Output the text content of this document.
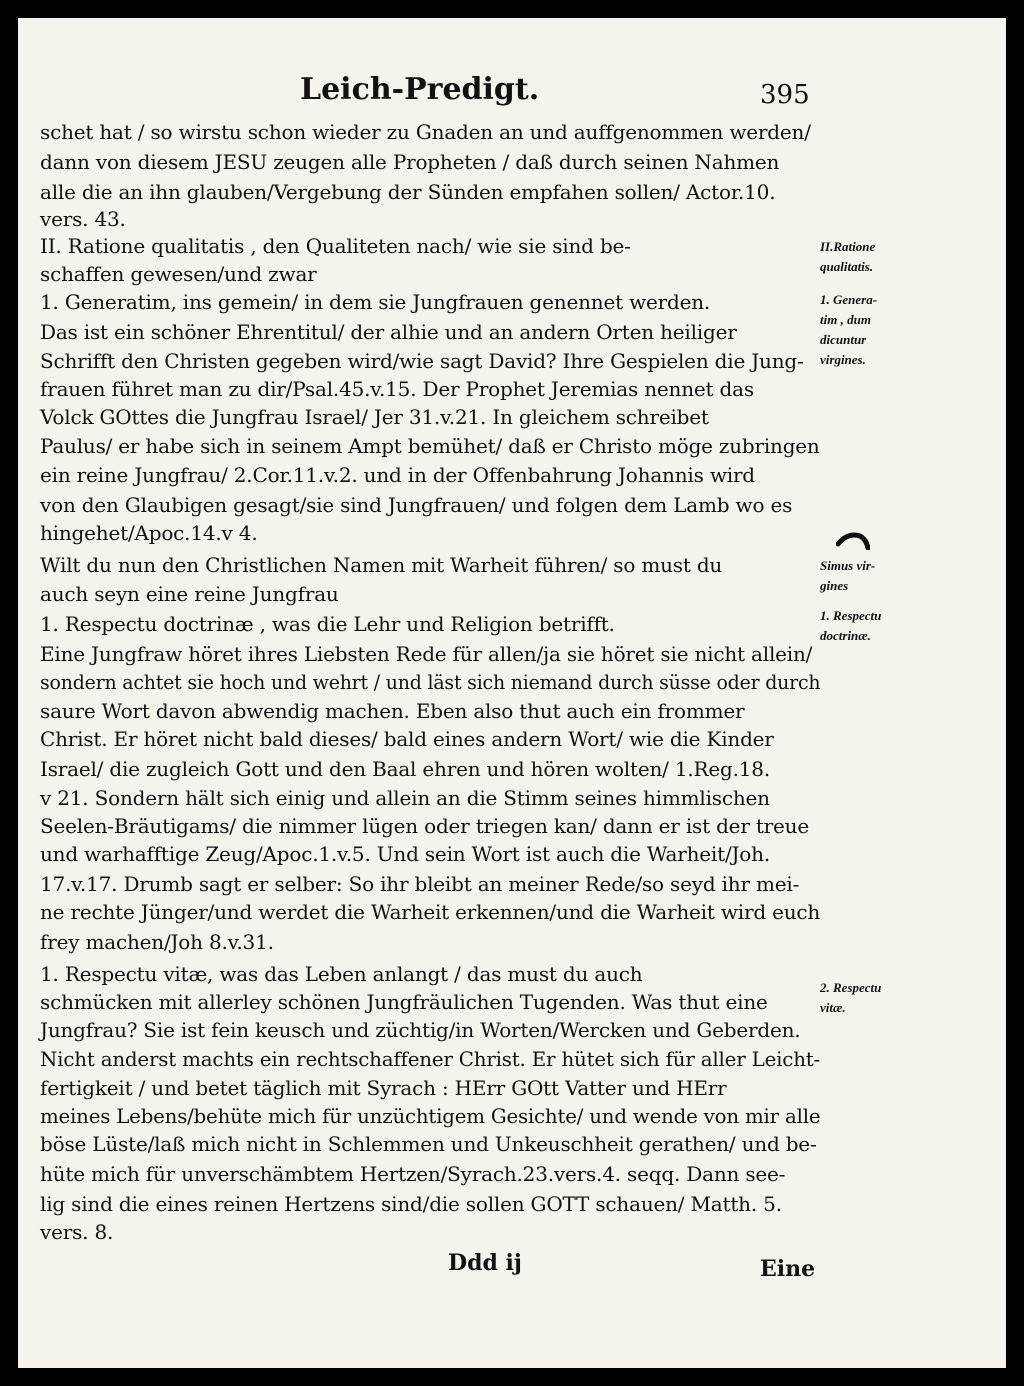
Leich-Predigt.	395
schet hat / so wirstu schon wieder zu Gnaden an und auffgenommen werden/
dann von diesem JESU zeugen alle Propheten / daß durch seinen Nahmen
alle die an ihn glauben/Vergebung der Sünden empfahen sollen/ Actor.10.
vers. 43.
II. Ratione qualitatis , den Qualiteten nach/ wie sie sind be-
schaffen gewesen/und zwar
1. Generatim, ins gemein/ in dem sie Jungfrauen genennet werden.
Das ist ein schöner Ehrentitul/ der alhie und an andern Orten heiliger
Schrifft den Christen gegeben wird/wie sagt David? Ihre Gespielen die Jung-
frauen führet man zu dir/Psal.45.v.15. Der Prophet Jeremias nennet das
Volck GOttes die Jungfrau Israel/ Jer 31.v.21. In gleichem schreibet
Paulus/ er habe sich in seinem Ampt bemühet/ daß er Christo möge zubringen
ein reine Jungfrau/ 2.Cor.11.v.2. und in der Offenbahrung Johannis wird
von den Glaubigen gesagt/sie sind Jungfrauen/ und folgen dem Lamb wo es
hingehet/Apoc.14.v 4.
Wilt du nun den Christlichen Namen mit Warheit führen/ so must du
auch seyn eine reine Jungfrau
1. Respectu doctrinæ , was die Lehr und Religion betrifft.
Eine Jungfraw höret ihres Liebsten Rede für allen/ja sie höret sie nicht allein/
sondern achtet sie hoch und wehrt / und läst sich niemand durch süsse oder durch
saure Wort davon abwendig machen. Eben also thut auch ein frommer
Christ. Er höret nicht bald dieses/ bald eines andern Wort/ wie die Kinder
Israel/ die zugleich Gott und den Baal ehren und hören wolten/ 1.Reg.18.
v 21. Sondern hält sich einig und allein an die Stimm seines himmlischen
Seelen-Bräutigams/ die nimmer lügen oder triegen kan/ dann er ist der treue
und warhafftige Zeug/Apoc.1.v.5. Und sein Wort ist auch die Warheit/Joh.
17.v.17. Drumb sagt er selber: So ihr bleibt an meiner Rede/so seyd ihr mei-
ne rechte Jünger/und werdet die Warheit erkennen/und die Warheit wird euch
frey machen/Joh 8.v.31.
1. Respectu vitæ, was das Leben anlangt / das must du auch
schmücken mit allerley schönen Jungfräulichen Tugenden. Was thut eine
Jungfrau? Sie ist fein keusch und züchtig/in Worten/Wercken und Geberden.
Nicht anderst machts ein rechtschaffener Christ. Er hütet sich für aller Leicht-
fertigkeit / und betet täglich mit Syrach : HErr GOtt Vatter und HErr
meines Lebens/behüte mich für unzüchtigem Gesichte/ und wende von mir alle
böse Lüste/laß mich nicht in Schlemmen und Unkeuschheit gerathen/ und be-
hüte mich für unverschämbtem Hertzen/Syrach.23.vers.4. seqq. Dann see-
lig sind die eines reinen Hertzens sind/die sollen GOTT schauen/ Matth. 5.
vers. 8.
II.Ratione
qualitatis.
1. Genera-
tim , dum
dicuntur
virgines.
Simus vir-
gines
1. Respectu
doctrinæ.
2. Respectu
vitæ.
Ddd ij	Eine
